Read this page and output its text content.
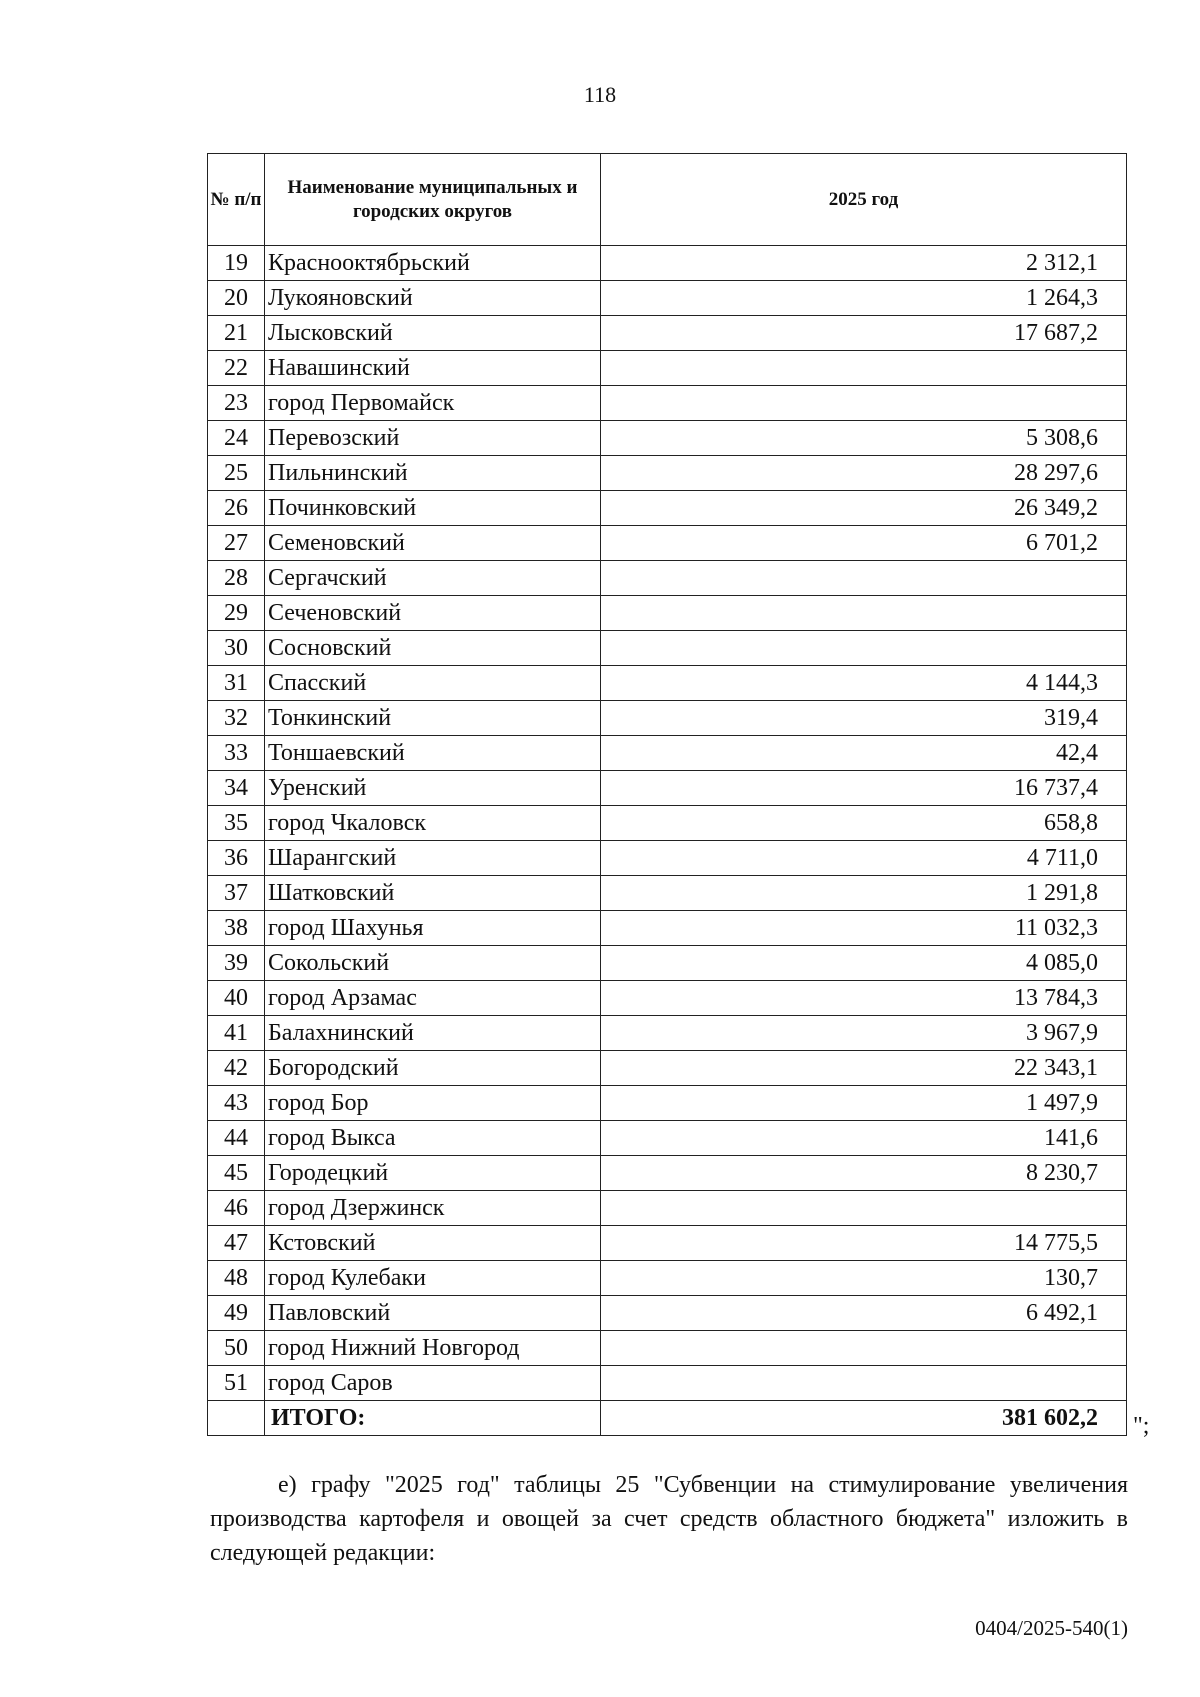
118
№ п/п	Наименование муниципальных и городских округов	2025 год
19	Краснооктябрьский	2 312,1
20	Лукояновский	1 264,3
21	Лысковский	17 687,2
22	Навашинский	
23	город Первомайск	
24	Перевозский	5 308,6
25	Пильнинский	28 297,6
26	Починковский	26 349,2
27	Семеновский	6 701,2
28	Сергачский	
29	Сеченовский	
30	Сосновский	
31	Спасский	4 144,3
32	Тонкинский	319,4
33	Тоншаевский	42,4
34	Уренский	16 737,4
35	город Чкаловск	658,8
36	Шарангский	4 711,0
37	Шатковский	1 291,8
38	город Шахунья	11 032,3
39	Сокольский	4 085,0
40	город Арзамас	13 784,3
41	Балахнинский	3 967,9
42	Богородский	22 343,1
43	город Бор	1 497,9
44	город Выкса	141,6
45	Городецкий	8 230,7
46	город Дзержинск	
47	Кстовский	14 775,5
48	город Кулебаки	130,7
49	Павловский	6 492,1
50	город Нижний Новгород	
51	город Саров	
	ИТОГО:	381 602,2 ";
е) графу "2025 год" таблицы 25 "Субвенции на стимулирование увеличения производства картофеля и овощей за счет средств областного бюджета" изложить в следующей редакции:
0404/2025-540(1)
